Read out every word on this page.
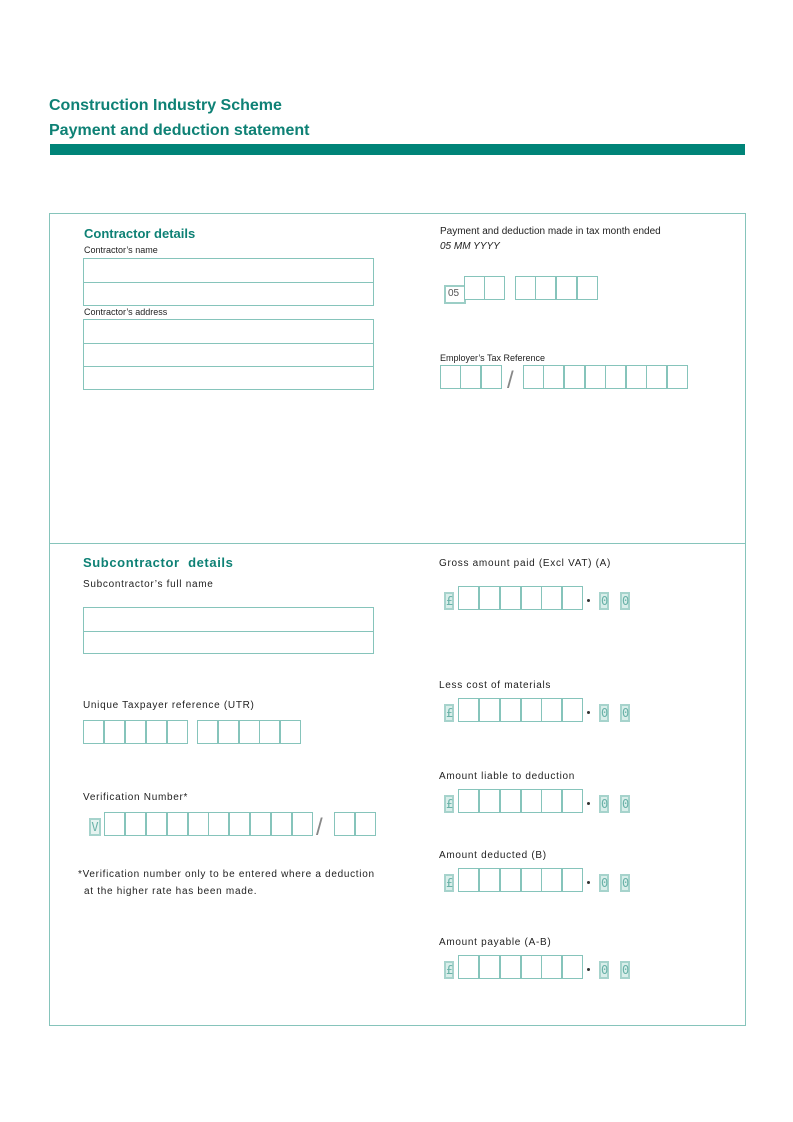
Construction Industry Scheme
Payment and deduction statement
Contractor details
Contractor’s name
Contractor’s address
Payment and deduction made in tax month ended
05 MM YYYY
05
Employer’s Tax Reference
/
Subcontractor  details
Subcontractor’s full name
Unique Taxpayer reference (UTR)
Verification Number*
V	/
*Verification number only to be entered where a deduction
at the higher rate has been made.
Gross amount paid (Excl VAT) (A)
£	0 0
Less cost of materials
£	0 0
Amount liable to deduction
£	0 0
Amount deducted (B)
£	0 0
Amount payable (A-B)
£	0 0
